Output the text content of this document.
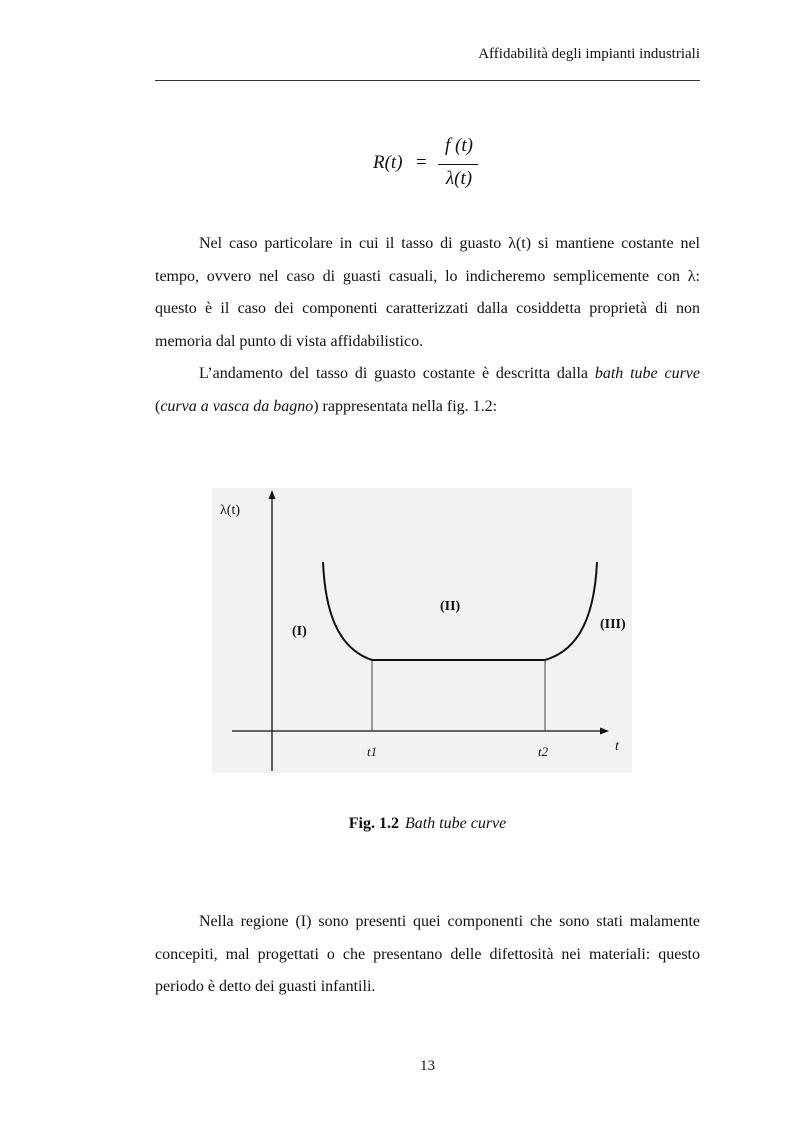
Affidabilità degli impianti industriali
R(t) =
f (t)
λ(t)

Nel caso particolare in cui il tasso di guasto λ(t) si mantiene costante nel tempo, ovvero nel caso di guasti casuali, lo indicheremo semplicemente con λ: questo è il caso dei componenti caratterizzati dalla cosiddetta proprietà di non memoria dal punto di vista affidabilistico.

L’andamento del tasso di guasto costante è descritta dalla bath tube curve (curva a vasca da bagno) rappresentata nella fig. 1.2:

λ(t)
t
(I)
(II)
(III)
t1	t2
Fig. 1.2 Bath tube curve

Nella regione (I) sono presenti quei componenti che sono stati malamente concepiti, mal progettati o che presentano delle difettosità nei materiali: questo periodo è detto dei guasti infantili.

13
